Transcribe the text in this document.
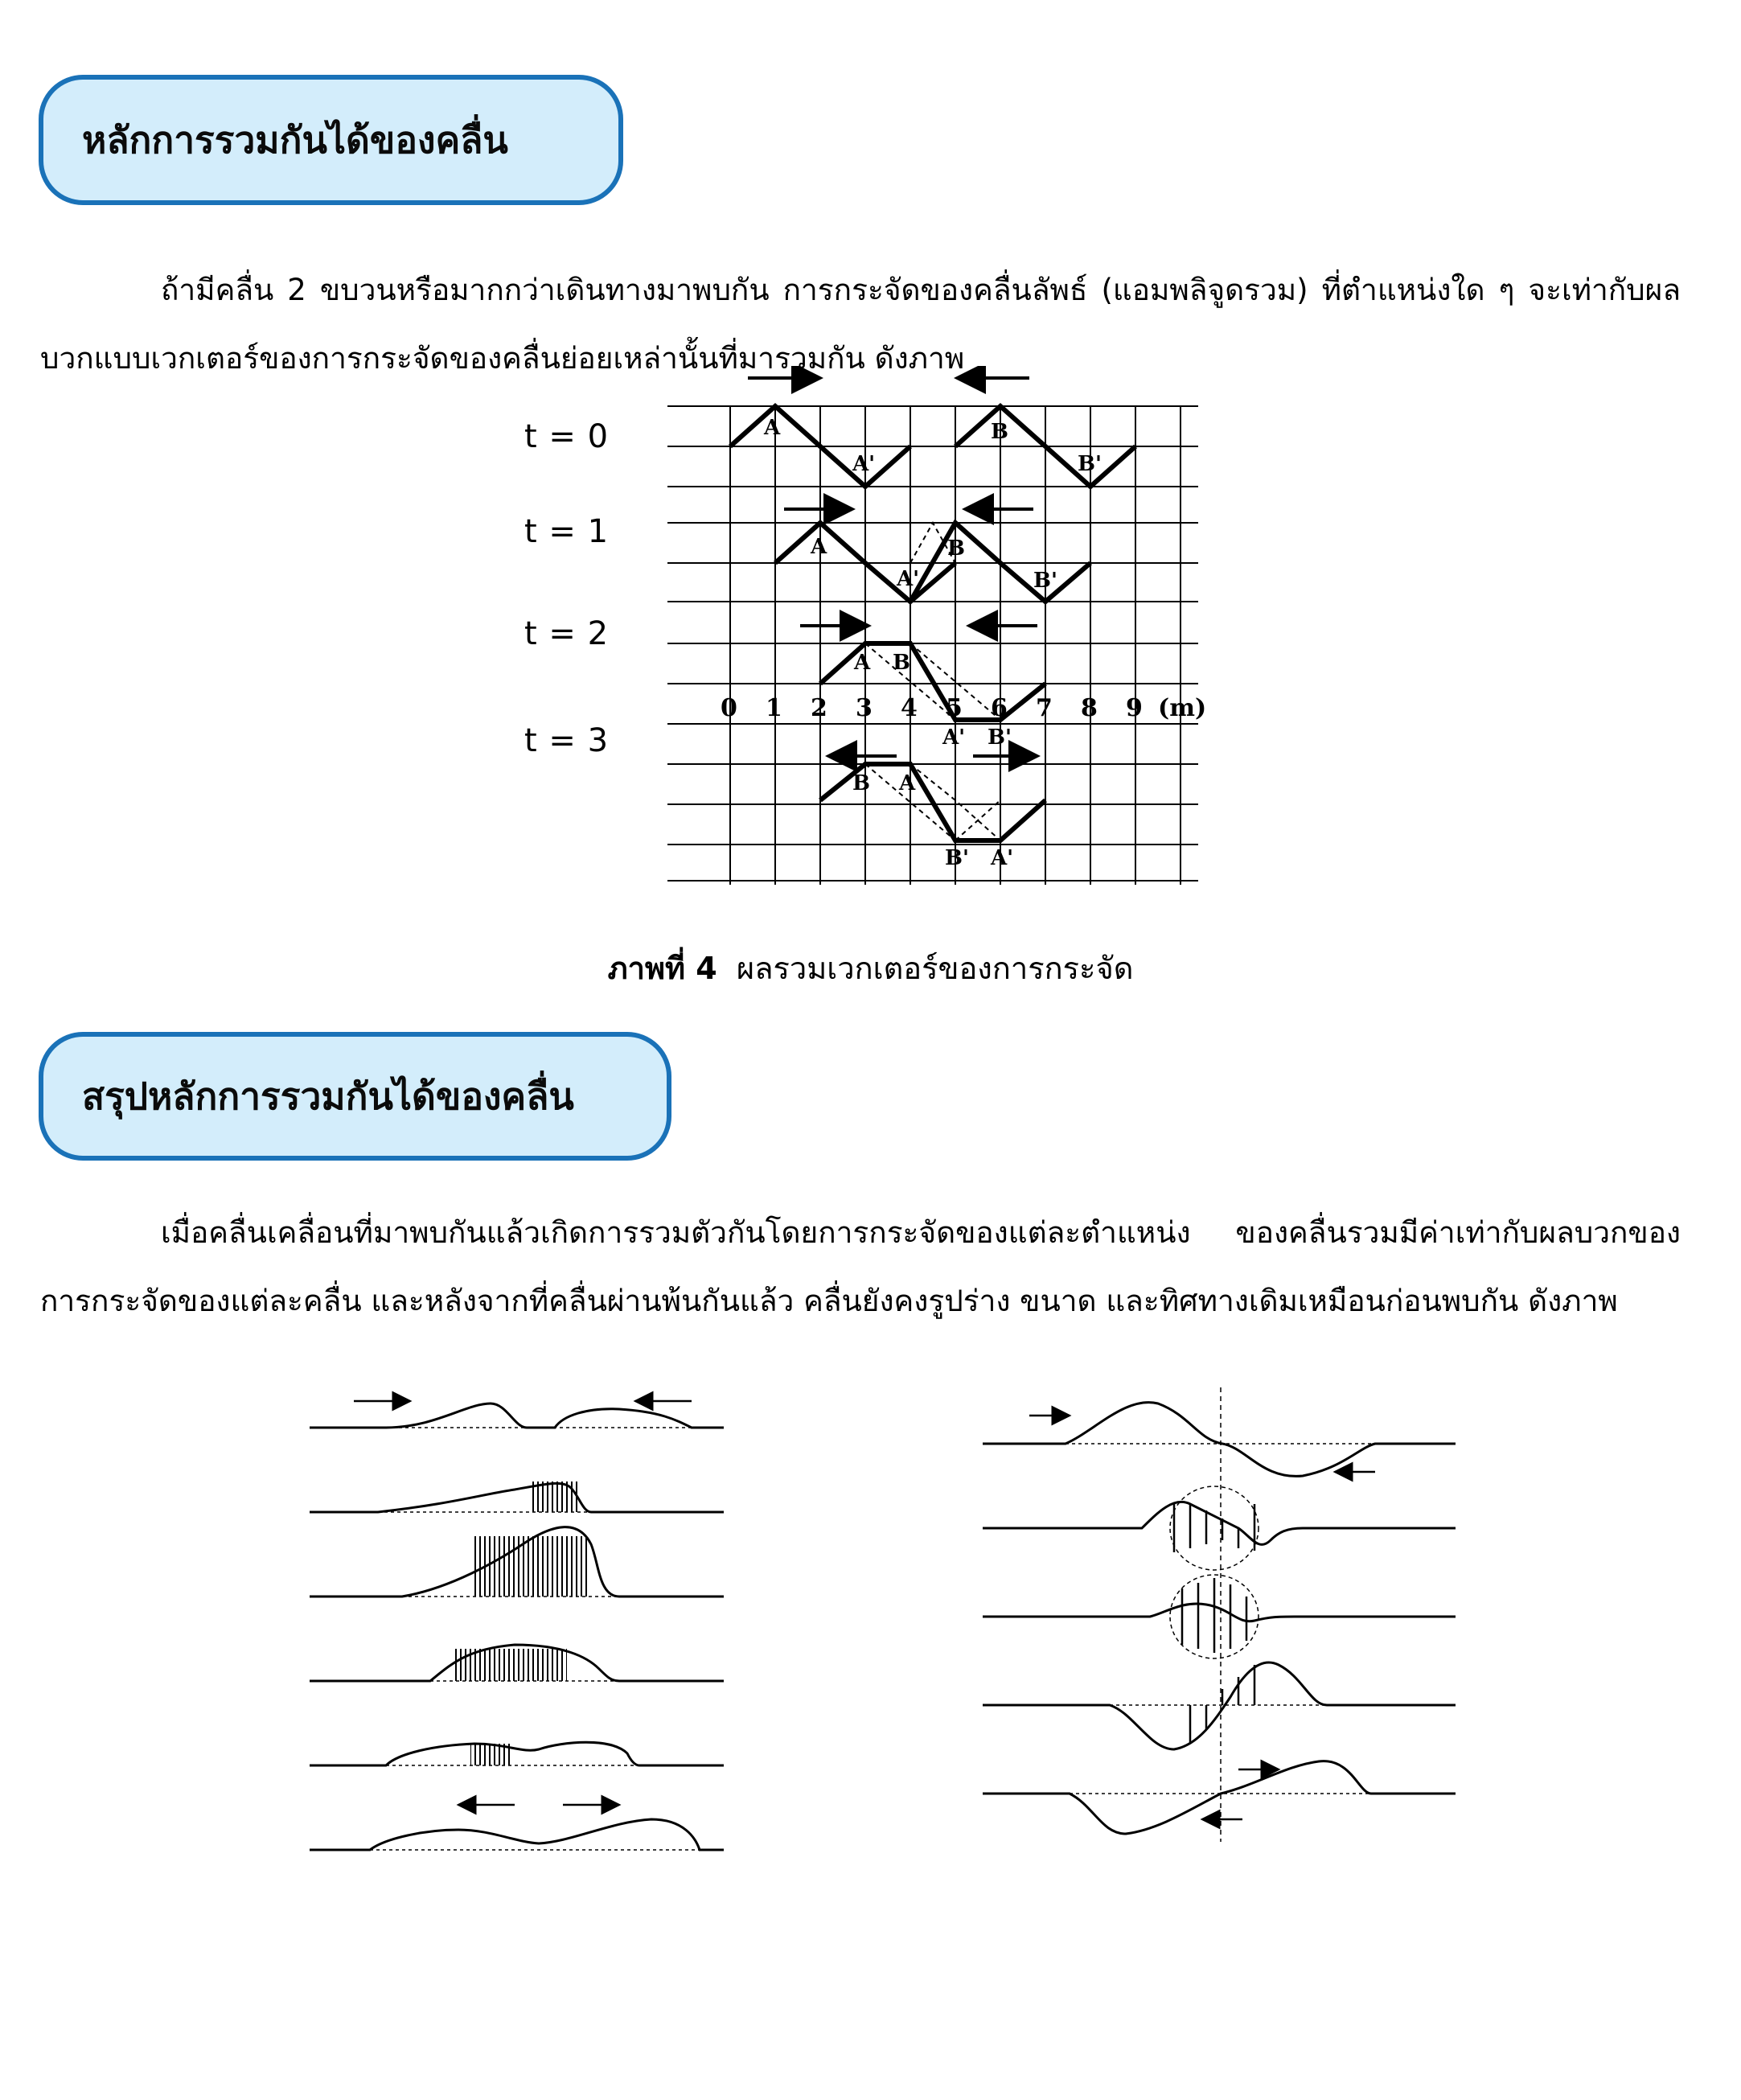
หลักการรวมกันได้ของคลื่น

ถ้ามีคลื่น 2 ขบวนหรือมากกว่าเดินทางมาพบกัน การกระจัดของคลื่นลัพธ์ (แอมพลิจูดรวม) ที่ตำแหน่งใด ๆ จะเท่ากับผลบวกแบบเวกเตอร์ของการกระจัดของคลื่นย่อยเหล่านั้นที่มารวมกัน ดังภาพ

t = 0
t = 1
t = 2
t = 3
0 1 2 3 4 5 6 7 8 9 (m)
A
A'
B
B'
A
A'
B
B'
A B
A' B'
B A
B' A'
ภาพที่ 4 ผลรวมเวกเตอร์ของการกระจัด
สรุปหลักการรวมกันได้ของคลื่น

เมื่อคลื่นเคลื่อนที่มาพบกันแล้วเกิดการรวมตัวกันโดยการกระจัดของแต่ละตำแหน่ง ของคลื่นรวมมีค่าเท่ากับผลบวกของการกระจัดของแต่ละคลื่น และหลังจากที่คลื่นผ่านพ้นกันแล้ว คลื่นยังคงรูปร่าง ขนาด และทิศทางเดิมเหมือนก่อนพบกัน ดังภาพ
